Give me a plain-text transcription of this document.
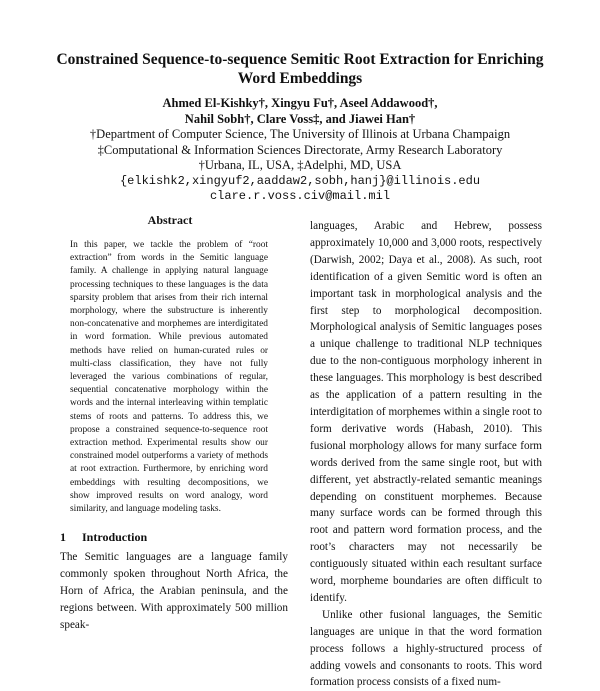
Constrained Sequence-to-sequence Semitic Root Extraction for Enriching Word Embeddings
Ahmed El-Kishky†, Xingyu Fu†, Aseel Addawood†,
Nahil Sobh†, Clare Voss‡, and Jiawei Han†
†Department of Computer Science, The University of Illinois at Urbana Champaign
‡Computational & Information Sciences Directorate, Army Research Laboratory
†Urbana, IL, USA, ‡Adelphi, MD, USA
{elkishk2,xingyuf2,aaddaw2,sobh,hanj}@illinois.edu
clare.r.voss.civ@mail.mil
Abstract
In this paper, we tackle the problem of “root extraction” from words in the Semitic language family. A challenge in applying natural language processing techniques to these languages is the data sparsity problem that arises from their rich internal morphology, where the substructure is inherently non-concatenative and morphemes are interdigitated in word formation. While previous automated methods have relied on human-curated rules or multi-class classification, they have not fully leveraged the various combinations of regular, sequential concatenative morphology within the words and the internal interleaving within templatic stems of roots and patterns. To address this, we propose a constrained sequence-to-sequence root extraction method. Experimental results show our constrained model outperforms a variety of methods at root extraction. Furthermore, by enriching word embeddings with resulting decompositions, we show improved results on word analogy, word similarity, and language modeling tasks.
1 Introduction

The Semitic languages are a language family commonly spoken throughout North Africa, the Horn of Africa, the Arabian peninsula, and the regions between. With approximately 500 million speak-

languages, Arabic and Hebrew, possess approximately 10,000 and 3,000 roots, respectively (Darwish, 2002; Daya et al., 2008). As such, root identification of a given Semitic word is often an important task in morphological analysis and the first step to morphological decomposition. Morphological analysis of Semitic languages poses a unique challenge to traditional NLP techniques due to the non-contiguous morphology inherent in these languages. This morphology is best described as the application of a pattern resulting in the interdigitation of morphemes within a single root to form derivative words (Habash, 2010). This fusional morphology allows for many surface form words derived from the same single root, but with different, yet abstractly-related semantic meanings depending on constituent morphemes. Because many surface words can be formed through this root and pattern word formation process, and the root’s characters may not necessarily be contiguously situated within each resultant surface word, morpheme boundaries are often difficult to identify.

Unlike other fusional languages, the Semitic languages are unique in that the word formation process follows a highly-structured process of adding vowels and consonants to roots. This word formation process consists of a fixed num-
